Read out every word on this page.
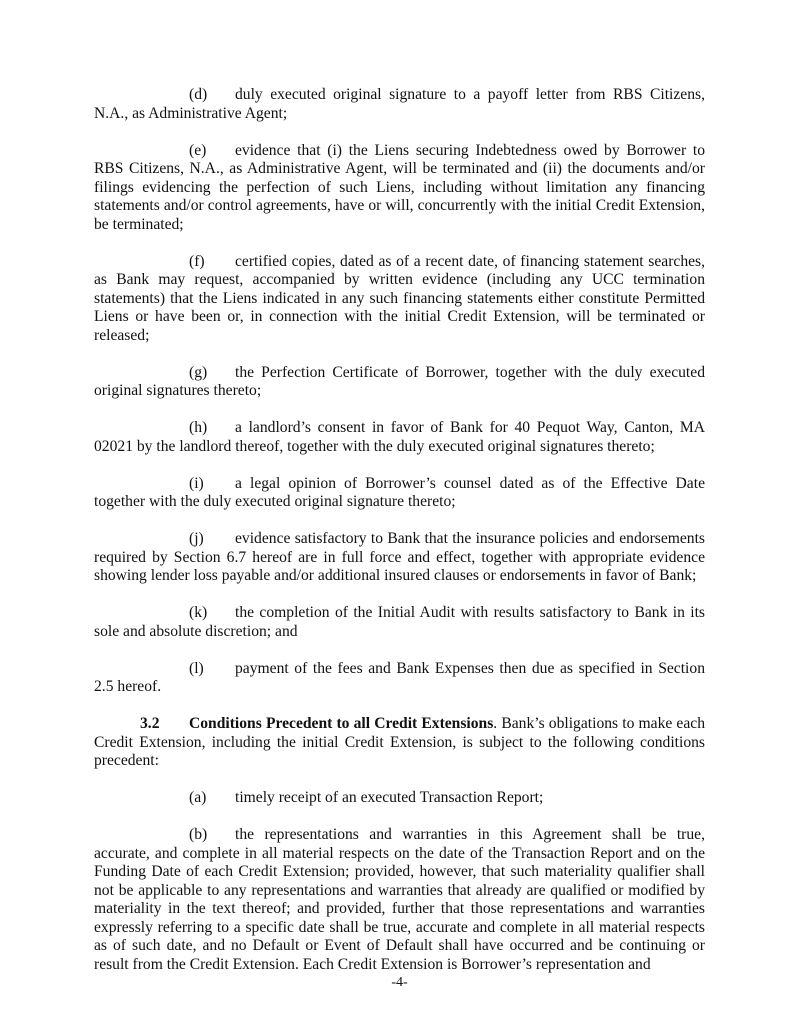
(d) duly executed original signature to a payoff letter from RBS Citizens, N.A., as Administrative Agent;

(e) evidence that (i) the Liens securing Indebtedness owed by Borrower to RBS Citizens, N.A., as Administrative Agent, will be terminated and (ii) the documents and/or filings evidencing the perfection of such Liens, including without limitation any financing statements and/or control agreements, have or will, concurrently with the initial Credit Extension, be terminated;

(f) certified copies, dated as of a recent date, of financing statement searches, as Bank may request, accompanied by written evidence (including any UCC termination statements) that the Liens indicated in any such financing statements either constitute Permitted Liens or have been or, in connection with the initial Credit Extension, will be terminated or released;

(g) the Perfection Certificate of Borrower, together with the duly executed original signatures thereto;

(h) a landlord’s consent in favor of Bank for 40 Pequot Way, Canton, MA 02021 by the landlord thereof, together with the duly executed original signatures thereto;

(i) a legal opinion of Borrower’s counsel dated as of the Effective Date together with the duly executed original signature thereto;

(j) evidence satisfactory to Bank that the insurance policies and endorsements required by Section 6.7 hereof are in full force and effect, together with appropriate evidence showing lender loss payable and/or additional insured clauses or endorsements in favor of Bank;

(k) the completion of the Initial Audit with results satisfactory to Bank in its sole and absolute discretion; and

(l) payment of the fees and Bank Expenses then due as specified in Section 2.5 hereof.

3.2 Conditions Precedent to all Credit Extensions. Bank’s obligations to make each Credit Extension, including the initial Credit Extension, is subject to the following conditions precedent:

(a) timely receipt of an executed Transaction Report;

(b) the representations and warranties in this Agreement shall be true, accurate, and complete in all material respects on the date of the Transaction Report and on the Funding Date of each Credit Extension; provided, however, that such materiality qualifier shall not be applicable to any representations and warranties that already are qualified or modified by materiality in the text thereof; and provided, further that those representations and warranties expressly referring to a specific date shall be true, accurate and complete in all material respects as of such date, and no Default or Event of Default shall have occurred and be continuing or result from the Credit Extension. Each Credit Extension is Borrower’s representation and

-4-
